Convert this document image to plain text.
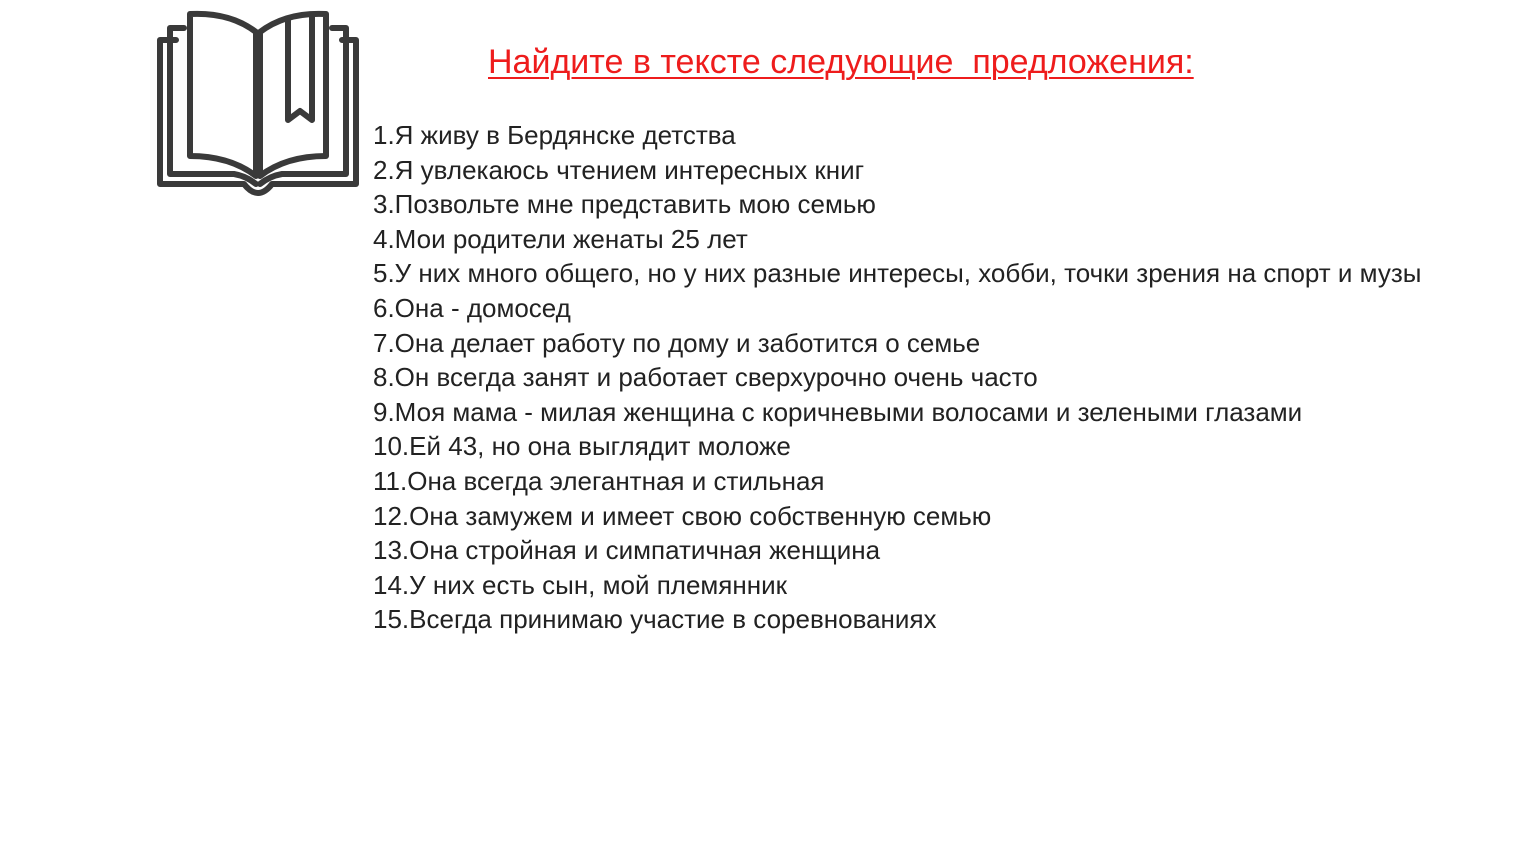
Найдите в тексте следующие  предложения:
1.Я живу в Бердянске детства
2.Я увлекаюсь чтением интересных книг
3.Позвольте мне представить мою семью
4.Мои родители женаты 25 лет
5.У них много общего, но у них разные интересы, хобби, точки зрения на спорт и музы
6.Она - домосед
7.Она делает работу по дому и заботится о семье
8.Он всегда занят и работает сверхурочно очень часто
9.Моя мама - милая женщина с коричневыми волосами и зелеными глазами
10.Ей 43, но она выглядит моложе
11.Она всегда элегантная и стильная
12.Она замужем и имеет свою собственную семью
13.Она стройная и симпатичная женщина
14.У них есть сын, мой племянник
15.Всегда принимаю участие в соревнованиях
